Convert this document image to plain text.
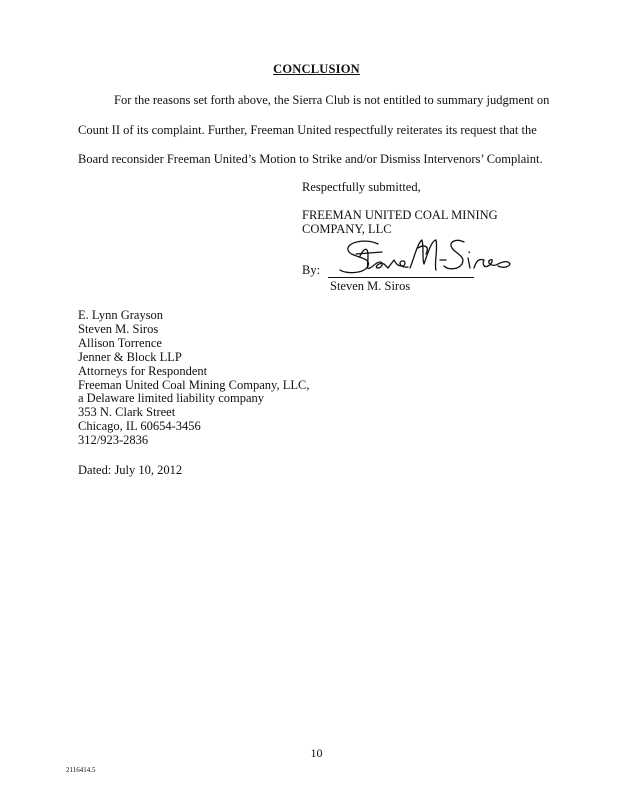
CONCLUSION
For the reasons set forth above, the Sierra Club is not entitled to summary judgment on
Count II of its complaint. Further, Freeman United respectfully reiterates its request that the
Board reconsider Freeman United’s Motion to Strike and/or Dismiss Intervenors’ Complaint.
Respectfully submitted,
FREEMAN UNITED COAL MINING
COMPANY, LLC
By:
Steven M. Siros
E. Lynn Grayson
Steven M. Siros
Allison Torrence
Jenner & Block LLP
Attorneys for Respondent
Freeman United Coal Mining Company, LLC,
a Delaware limited liability company
353 N. Clark Street
Chicago, IL 60654-3456
312/923-2836
Dated: July 10, 2012
10
2116414.5
